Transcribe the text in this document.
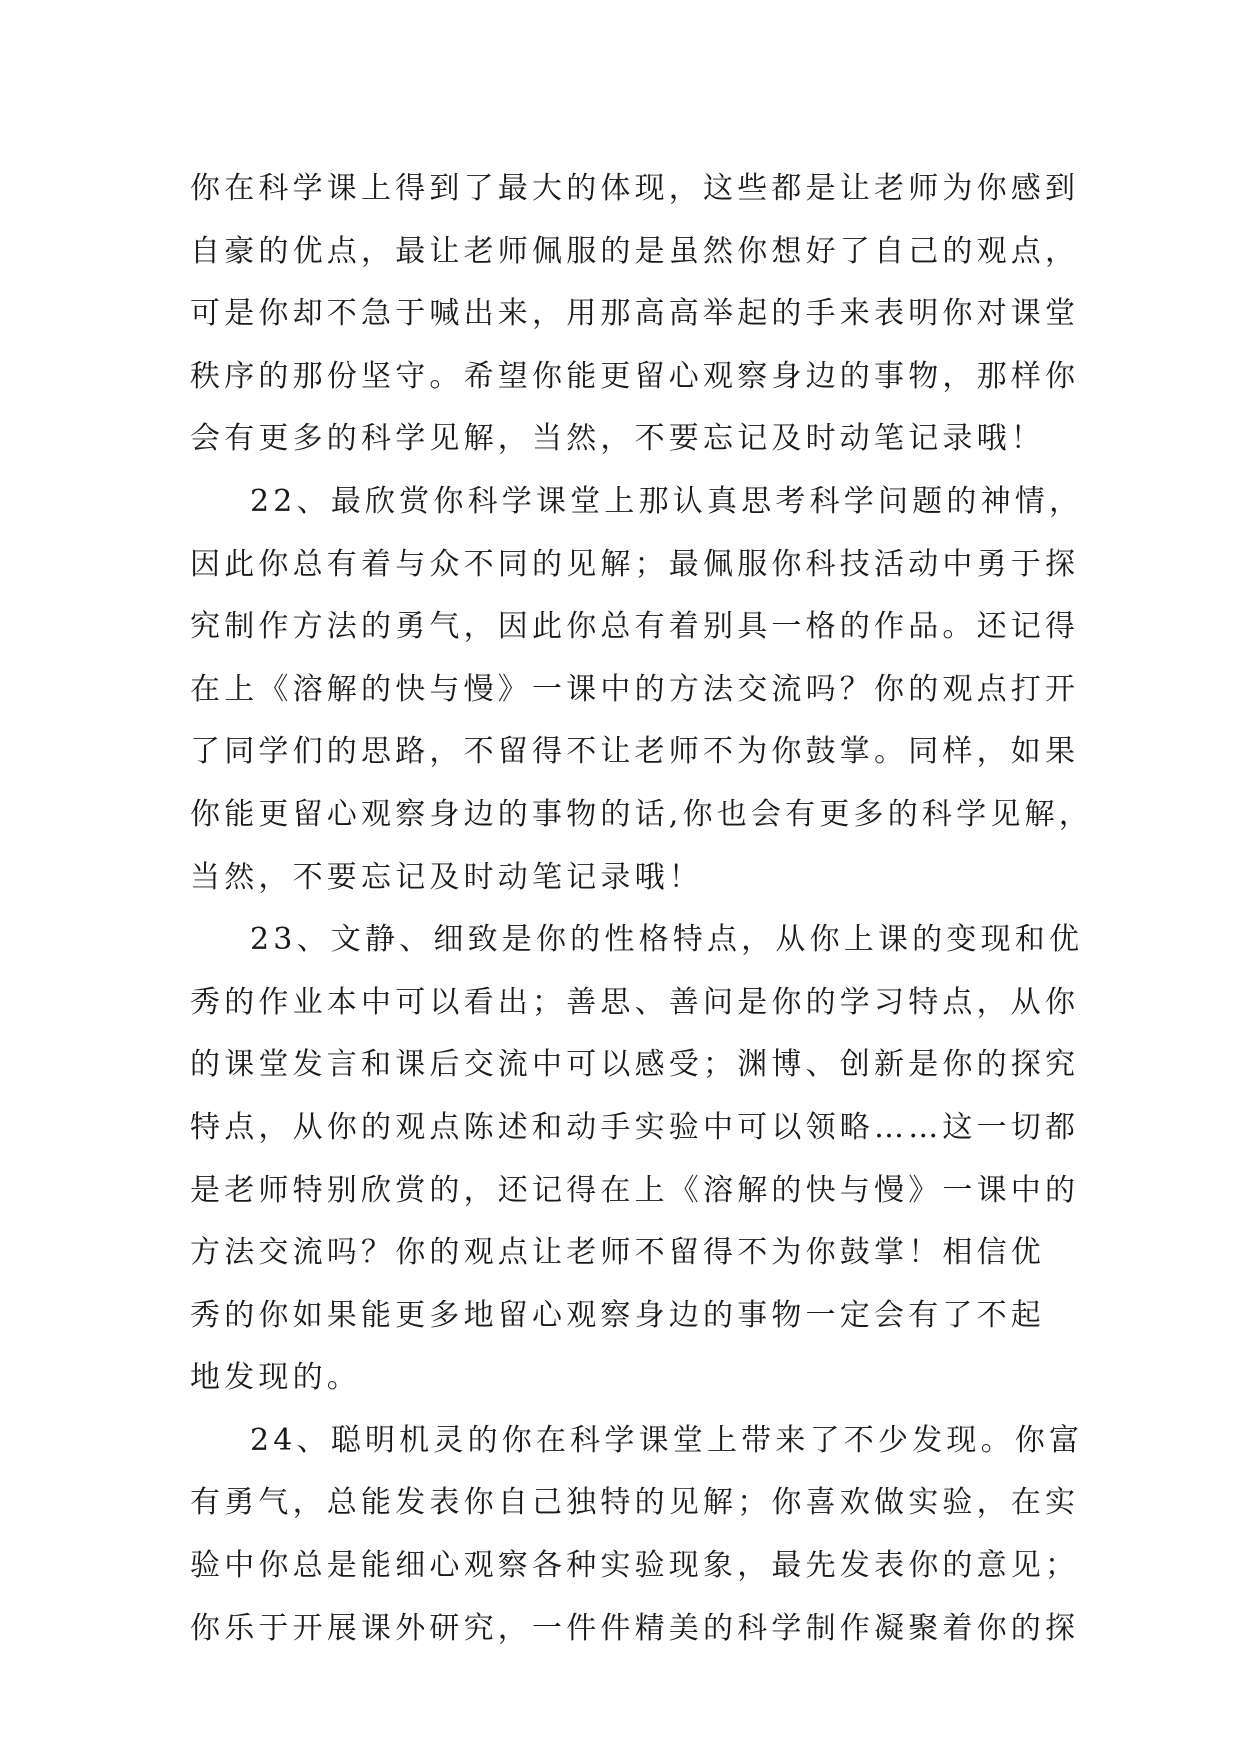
你在科学课上得到了最大的体现，这些都是让老师为你感到
自豪的优点，最让老师佩服的是虽然你想好了自己的观点，
可是你却不急于喊出来，用那高高举起的手来表明你对课堂
秩序的那份坚守。希望你能更留心观察身边的事物，那样你
会有更多的科学见解，当然，不要忘记及时动笔记录哦！
22、最欣赏你科学课堂上那认真思考科学问题的神情，
因此你总有着与众不同的见解；最佩服你科技活动中勇于探
究制作方法的勇气，因此你总有着别具一格的作品。还记得
在上《溶解的快与慢》一课中的方法交流吗？你的观点打开
了同学们的思路，不留得不让老师不为你鼓掌。同样，如果
你能更留心观察身边的事物的话,你也会有更多的科学见解，
当然，不要忘记及时动笔记录哦！
23、文静、细致是你的性格特点，从你上课的变现和优
秀的作业本中可以看出；善思、善问是你的学习特点，从你
的课堂发言和课后交流中可以感受；渊博、创新是你的探究
特点，从你的观点陈述和动手实验中可以领略……这一切都
是老师特别欣赏的，还记得在上《溶解的快与慢》一课中的
方法交流吗？你的观点让老师不留得不为你鼓掌！相信优
秀的你如果能更多地留心观察身边的事物一定会有了不起
地发现的。
24、聪明机灵的你在科学课堂上带来了不少发现。你富
有勇气，总能发表你自己独特的见解；你喜欢做实验，在实
验中你总是能细心观察各种实验现象，最先发表你的意见；
你乐于开展课外研究，一件件精美的科学制作凝聚着你的探
